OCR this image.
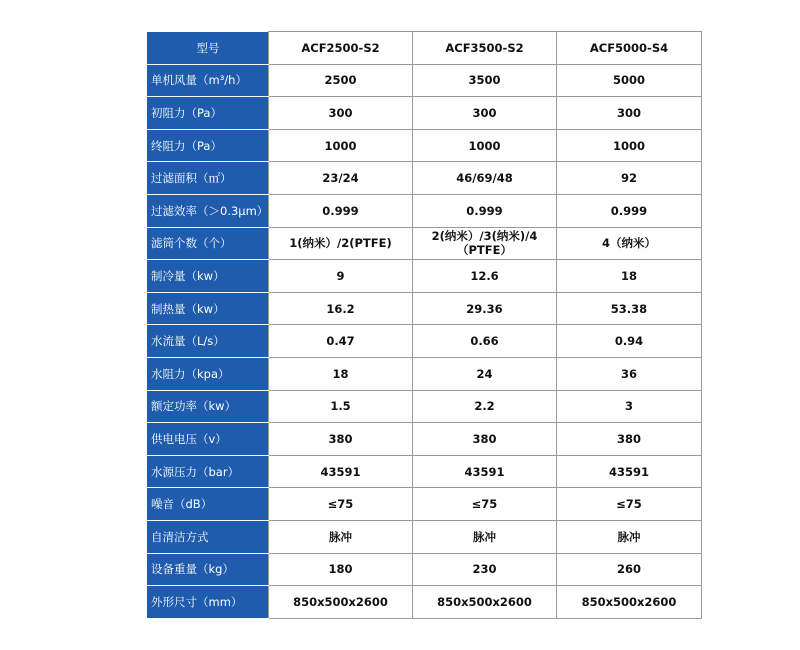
型号	ACF2500-S2	ACF3500-S2	ACF5000-S4
单机风量（m³/h）	2500	3500	5000
初阻力（Pa）	300	300	300
终阻力（Pa）	1000	1000	1000
过滤面积（㎡）	23/24	46/69/48	92
过滤效率（＞0.3μm）	0.999	0.999	0.999
滤筒个数（个）	1(纳米）/2(PTFE)	2(纳米）/3(纳米)/4（PTFE）	4（纳米）
制冷量（kw）	9	12.6	18
制热量（kw）	16.2	29.36	53.38
水流量（L/s）	0.47	0.66	0.94
水阻力（kpa）	18	24	36
额定功率（kw）	1.5	2.2	3
供电电压（v）	380	380	380
水源压力（bar）	43591	43591	43591
噪音（dB）	≤75	≤75	≤75
自清洁方式	脉冲	脉冲	脉冲
设备重量（kg）	180	230	260
外形尺寸（mm）	850x500x2600	850x500x2600	850x500x2600
